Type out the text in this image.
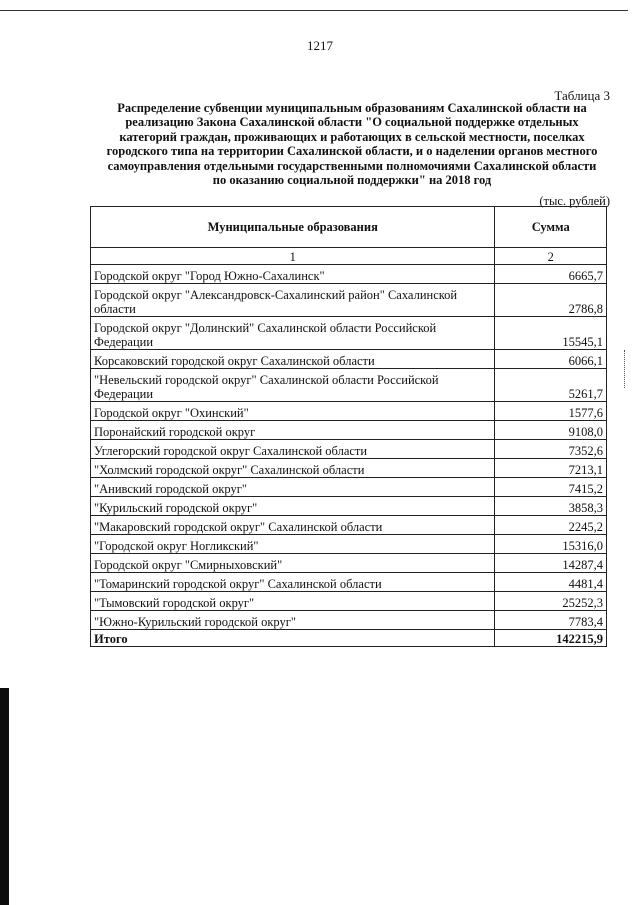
1217
Таблица 3
Распределение субвенции муниципальным образованиям Сахалинской области на
реализацию Закона Сахалинской области "О социальной поддержке отдельных
категорий граждан, проживающих и работающих в сельской местности, поселках
городского типа на территории Сахалинской области, и о наделении органов местного
самоуправления отдельными государственными полномочиями Сахалинской области
по оказанию социальной поддержки" на 2018 год
(тыс. рублей)
Муниципальные образования	Сумма
1	2
Городской округ "Город Южно-Сахалинск"	6665,7
Городской округ "Александровск-Сахалинский район" Сахалинской области	2786,8
Городской округ "Долинский" Сахалинской области Российской Федерации	15545,1
Корсаковский городской округ Сахалинской области	6066,1
"Невельский городской округ" Сахалинской области Российской Федерации	5261,7
Городской округ "Охинский"	1577,6
Поронайский городской округ	9108,0
Углегорский городской округ Сахалинской области	7352,6
"Холмский городской округ" Сахалинской области	7213,1
"Анивский городской округ"	7415,2
"Курильский городской округ"	3858,3
"Макаровский городской округ" Сахалинской области	2245,2
"Городской округ Ногликский"	15316,0
Городской округ "Смирныховский"	14287,4
"Томаринский городской округ" Сахалинской области	4481,4
"Тымовский городской округ"	25252,3
"Южно-Курильский городской округ"	7783,4
Итого	142215,9
